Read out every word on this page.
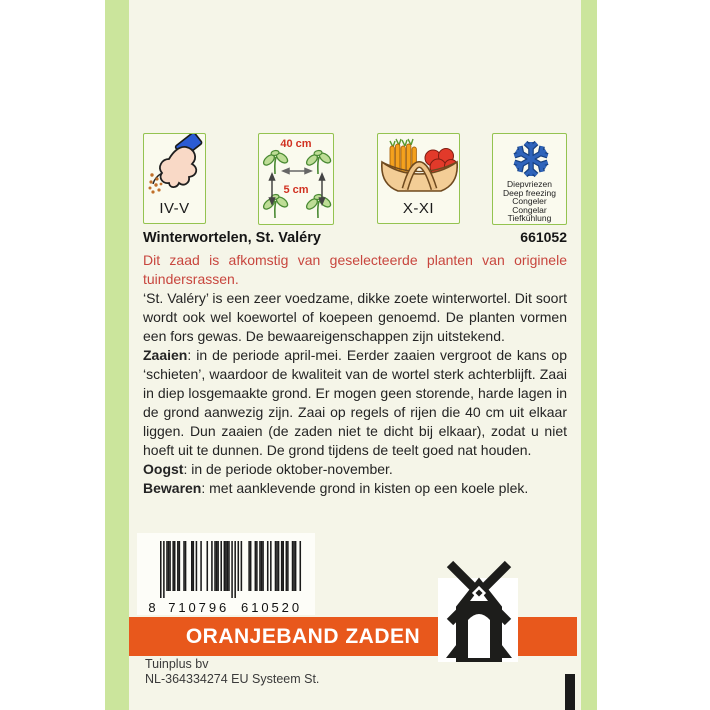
IV-V
40 cm
5 cm
X-XI
Diepvriezen
Deep freezing
Congeler
Congelar
Tiefkühlung
Winterwortelen, St. Valéry	661052
Dit zaad is afkomstig van geselecteerde planten van originele tuindersrassen.

‘St. Valéry’ is een zeer voedzame, dikke zoete winterwortel. Dit soort wordt ook wel koewortel of koepeen genoemd. De planten vormen een fors gewas. De bewaareigenschappen zijn uitstekend.

Zaaien: in de periode april-mei. Eerder zaaien vergroot de kans op ‘schieten’, waardoor de kwaliteit van de wortel sterk achterblijft. Zaai in diep losgemaakte grond. Er mogen geen storende, harde lagen in de grond aanwezig zijn. Zaai op regels of rijen die 40 cm uit elkaar liggen. Dun zaaien (de zaden niet te dicht bij elkaar), zodat u niet hoeft uit te dunnen. De grond tijdens de teelt goed nat houden.

Oogst: in de periode oktober-november.

Bewaren: met aanklevende grond in kisten op een koele plek.

8 710796 610520
ORANJEBAND ZADEN
Tuinplus bv
NL-364334274 EU Systeem St.
